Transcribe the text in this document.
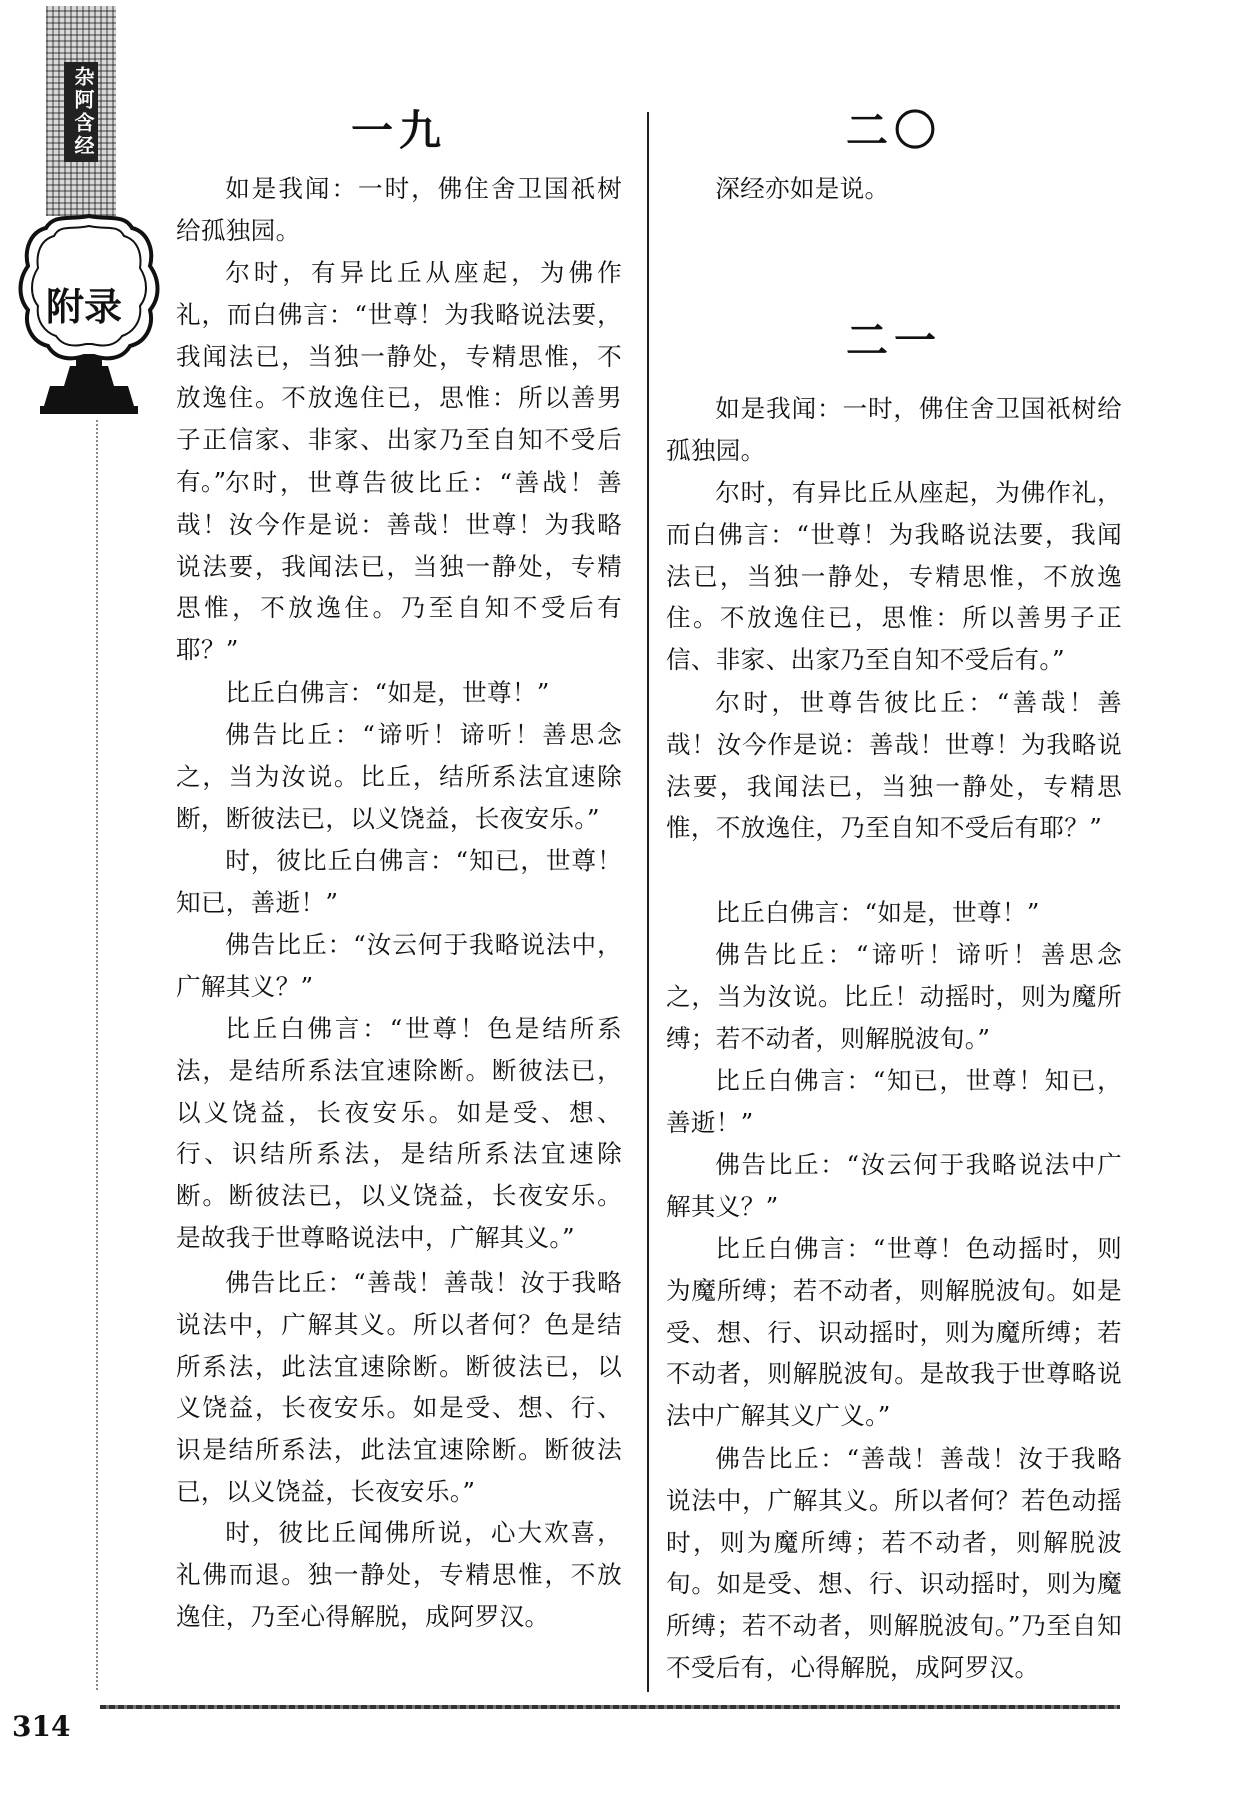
杂阿含经
附录
一九

如是我闻：一时，佛住舍卫国祇树给孤独园。

尔时，有异比丘从座起，为佛作礼，而白佛言：“世尊！为我略说法要，我闻法已，当独一静处，专精思惟，不放逸住。不放逸住已，思惟：所以善男子正信家、非家、出家乃至自知不受后有。”

尔时，世尊告彼比丘：“善战！善哉！汝今作是说：善哉！世尊！为我略说法要，我闻法已，当独一静处，专精思惟，不放逸住。乃至自知不受后有耶？”

比丘白佛言：“如是，世尊！”

佛告比丘：“谛听！谛听！善思念之，当为汝说。比丘，结所系法宜速除断，断彼法已，以义饶益，长夜安乐。”

时，彼比丘白佛言：“知已，世尊！知已，善逝！”

佛告比丘：“汝云何于我略说法中，广解其义？”

比丘白佛言：“世尊！色是结所系法，是结所系法宜速除断。断彼法已，以义饶益，长夜安乐。如是受、想、行、识结所系法，是结所系法宜速除断。断彼法已，以义饶益，长夜安乐。是故我于世尊略说法中，广解其义。”

佛告比丘：“善哉！善哉！汝于我略说法中，广解其义。所以者何？色是结所系法，此法宜速除断。断彼法已，以义饶益，长夜安乐。如是受、想、行、识是结所系法，此法宜速除断。断彼法已，以义饶益，长夜安乐。”

时，彼比丘闻佛所说，心大欢喜，礼佛而退。独一静处，专精思惟，不放逸住，乃至心得解脱，成阿罗汉。

二〇

深经亦如是说。

二一

如是我闻：一时，佛住舍卫国祇树给孤独园。

尔时，有异比丘从座起，为佛作礼，而白佛言：“世尊！为我略说法要，我闻法已，当独一静处，专精思惟，不放逸住。不放逸住已，思惟：所以善男子正信、非家、出家乃至自知不受后有。”

尔时，世尊告彼比丘：“善哉！善哉！汝今作是说：善哉！世尊！为我略说法要，我闻法已，当独一静处，专精思惟，不放逸住，乃至自知不受后有耶？”

比丘白佛言：“如是，世尊！”

佛告比丘：“谛听！谛听！善思念之，当为汝说。比丘！动摇时，则为魔所缚；若不动者，则解脱波旬。”

比丘白佛言：“知已，世尊！知已，善逝！”

佛告比丘：“汝云何于我略说法中广解其义？”

比丘白佛言：“世尊！色动摇时，则为魔所缚；若不动者，则解脱波旬。如是受、想、行、识动摇时，则为魔所缚；若不动者，则解脱波旬。是故我于世尊略说法中广解其义广义。”

佛告比丘：“善哉！善哉！汝于我略说法中，广解其义。所以者何？若色动摇时，则为魔所缚；若不动者，则解脱波旬。如是受、想、行、识动摇时，则为魔所缚；若不动者，则解脱波旬。”乃至自知不受后有，心得解脱，成阿罗汉。

314
